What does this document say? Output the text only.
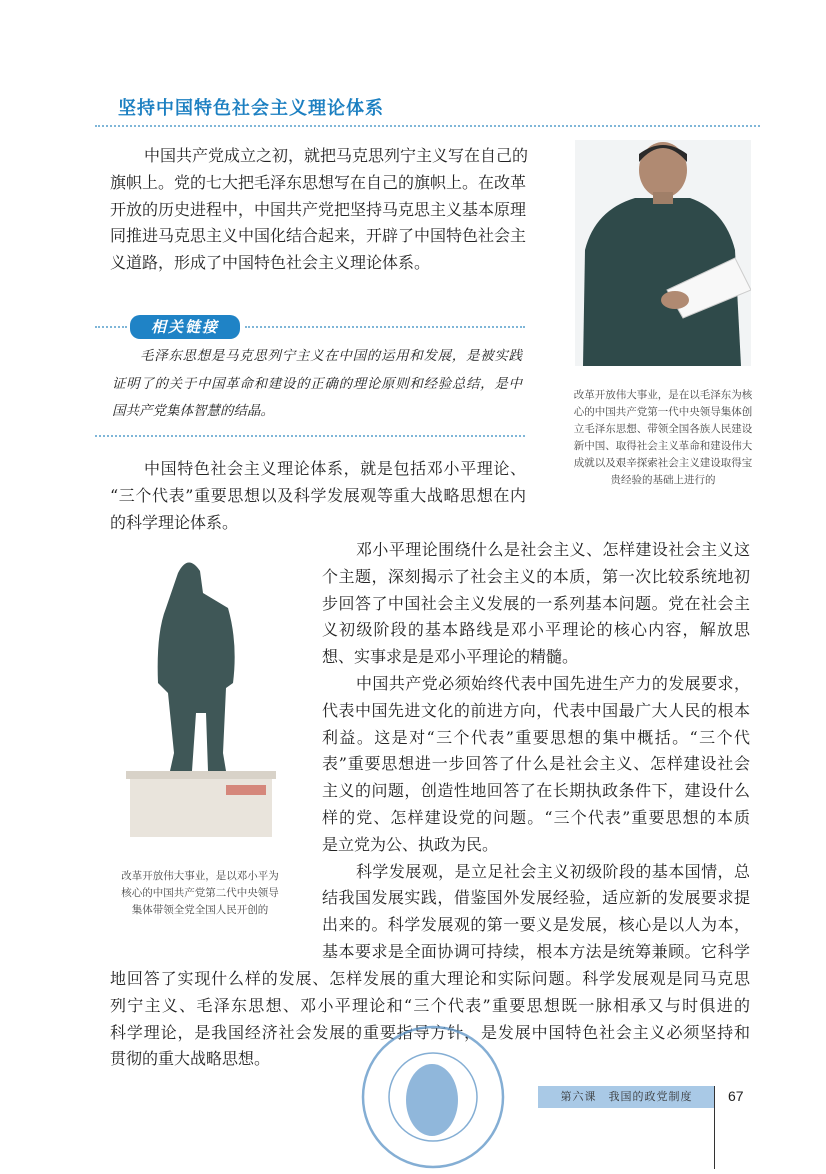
坚持中国特色社会主义理论体系
中国共产党成立之初，就把马克思列宁主义写在自己的
旗帜上。党的七大把毛泽东思想写在自己的旗帜上。在改革
开放的历史进程中，中国共产党把坚持马克思主义基本原理
同推进马克思主义中国化结合起来，开辟了中国特色社会主
义道路，形成了中国特色社会主义理论体系。
改革开放伟大事业，是在以毛泽东为核
心的中国共产党第一代中央领导集体创
立毛泽东思想、带领全国各族人民建设
新中国、取得社会主义革命和建设伟大
成就以及艰辛探索社会主义建设取得宝
贵经验的基础上进行的
相关链接
毛泽东思想是马克思列宁主义在中国的运用和发展，是被实践
证明了的关于中国革命和建设的正确的理论原则和经验总结，是中
国共产党集体智慧的结晶。
中国特色社会主义理论体系，就是包括邓小平理论、
“三个代表”重要思想以及科学发展观等重大战略思想在内
的科学理论体系。
改革开放伟大事业，是以邓小平为
核心的中国共产党第二代中央领导
集体带领全党全国人民开创的
邓小平理论围绕什么是社会主义、怎样建设社会主义这
个主题，深刻揭示了社会主义的本质，第一次比较系统地初
步回答了中国社会主义发展的一系列基本问题。党在社会主
义初级阶段的基本路线是邓小平理论的核心内容，解放思
想、实事求是是邓小平理论的精髓。
中国共产党必须始终代表中国先进生产力的发展要求，
代表中国先进文化的前进方向，代表中国最广大人民的根本
利益。这是对“三个代表”重要思想的集中概括。“三个代
表”重要思想进一步回答了什么是社会主义、怎样建设社会
主义的问题，创造性地回答了在长期执政条件下，建设什么
样的党、怎样建设党的问题。“三个代表”重要思想的本质
是立党为公、执政为民。
科学发展观，是立足社会主义初级阶段的基本国情，总
结我国发展实践，借鉴国外发展经验，适应新的发展要求提
出来的。科学发展观的第一要义是发展，核心是以人为本，
基本要求是全面协调可持续，根本方法是统筹兼顾。它科学
地回答了实现什么样的发展、怎样发展的重大理论和实际问题。科学发展观是同马克思
列宁主义、毛泽东思想、邓小平理论和“三个代表”重要思想既一脉相承又与时俱进的
科学理论，是我国经济社会发展的重要指导方针，是发展中国特色社会主义必须坚持和
贯彻的重大战略思想。
第六课　我国的政党制度	67
